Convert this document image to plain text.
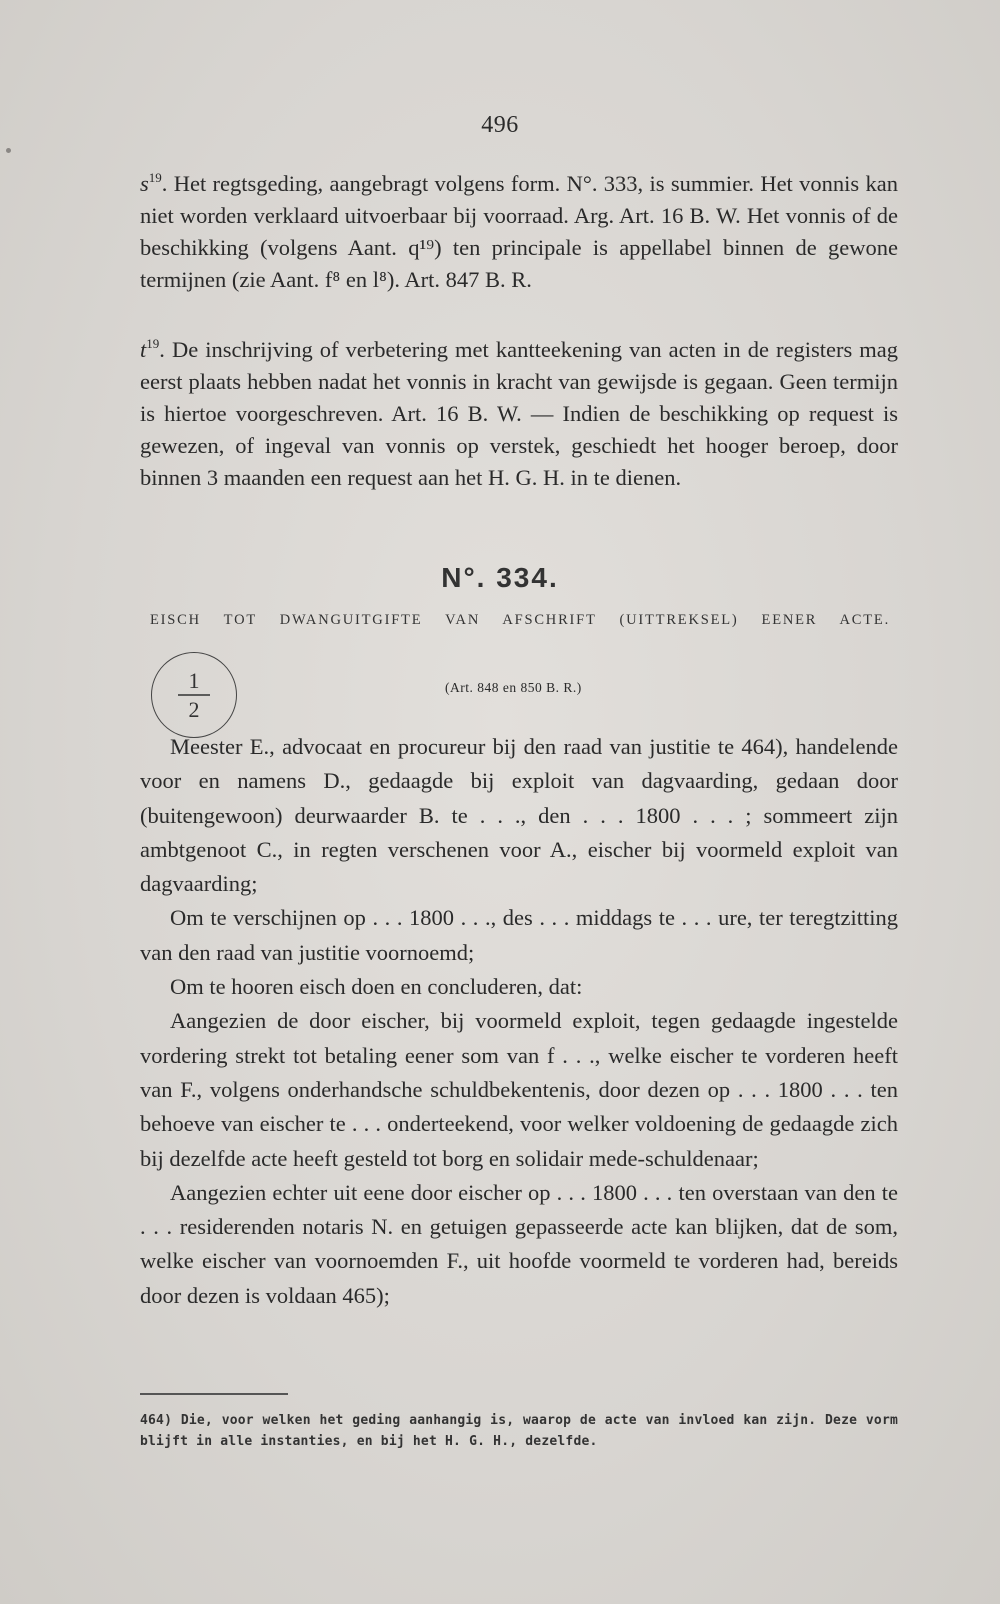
496

$s^{19}$. Het regtsgeding, aangebragt volgens form. N°. 333, is summier. Het vonnis kan niet worden verklaard uitvoerbaar bij voorraad. Arg. Art. 16 B. W. Het vonnis of de beschikking (volgens Aant. q¹⁹) ten principale is appellabel binnen de gewone termijnen (zie Aant. f⁸ en l⁸). Art. 847 B. R.

$t^{19}$. De inschrijving of verbetering met kantteekening van acten in de registers mag eerst plaats hebben nadat het vonnis in kracht van gewijsde is gegaan. Geen termijn is hiertoe voorgeschreven. Art. 16 B. W. — Indien de beschikking op request is gewezen, of ingeval van vonnis op verstek, geschiedt het hooger beroep, door binnen 3 maanden een request aan het H. G. H. in te dienen.

N°. 334.
EISCH TOT DWANGUITGIFTE VAN AFSCHRIFT (UITTREKSEL) EENER ACTE.
1
2
(Art. 848 en 850 B. R.)

Meester E., advocaat en procureur bij den raad van justitie te 464), handelende voor en namens D., gedaagde bij exploit van dagvaarding, gedaan door (buitengewoon) deurwaarder B. te . . ., den . . . 1800 . . . ; sommeert zijn ambtgenoot C., in regten verschenen voor A., eischer bij voormeld exploit van dagvaarding;

Om te verschijnen op . . . 1800 . . ., des . . . middags te . . . ure, ter teregtzitting van den raad van justitie voornoemd;

Om te hooren eisch doen en concluderen, dat:

Aangezien de door eischer, bij voormeld exploit, tegen gedaagde ingestelde vordering strekt tot betaling eener som van f . . ., welke eischer te vorderen heeft van F., volgens onderhandsche schuldbekentenis, door dezen op . . . 1800 . . . ten behoeve van eischer te . . . onderteekend, voor welker voldoening de gedaagde zich bij dezelfde acte heeft gesteld tot borg en solidair mede-schuldenaar;

Aangezien echter uit eene door eischer op . . . 1800 . . . ten overstaan van den te . . . residerenden notaris N. en getuigen gepasseerde acte kan blijken, dat de som, welke eischer van voornoemden F., uit hoofde voormeld te vorderen had, bereids door dezen is voldaan 465);

464) Die, voor welken het geding aanhangig is, waarop de acte van invloed kan zijn. Deze vorm blijft in alle instanties, en bij het H. G. H., dezelfde.
